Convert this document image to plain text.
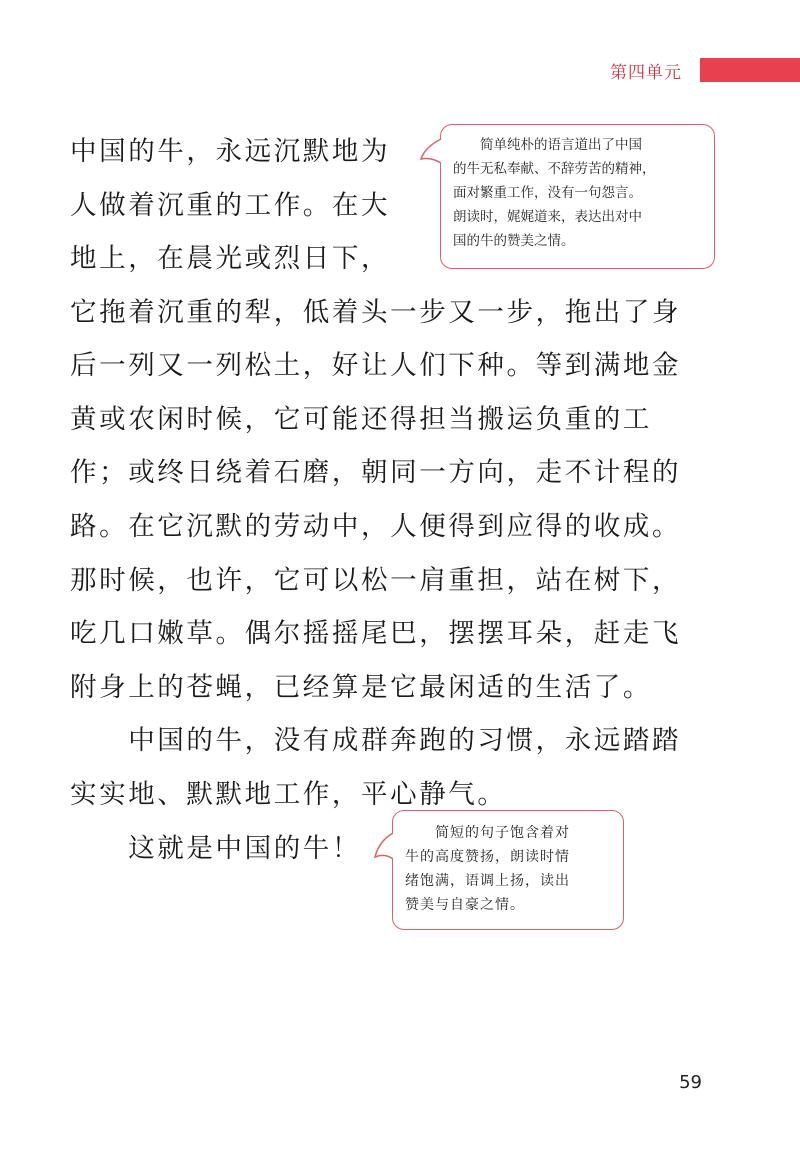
第四单元
中国的牛，永远沉默地为
人做着沉重的工作。在大
地上，在晨光或烈日下，
它拖着沉重的犁，低着头一步又一步，拖出了身
后一列又一列松土，好让人们下种。等到满地金
黄或农闲时候，它可能还得担当搬运负重的工
作；或终日绕着石磨，朝同一方向，走不计程的
路。在它沉默的劳动中，人便得到应得的收成。
那时候，也许，它可以松一肩重担，站在树下，
吃几口嫩草。偶尔摇摇尾巴，摆摆耳朵，赶走飞
附身上的苍蝇，已经算是它最闲适的生活了。
　　中国的牛，没有成群奔跑的习惯，永远踏踏
实实地、默默地工作，平心静气。
　　这就是中国的牛！

　　简单纯朴的语言道出了中国

的牛无私奉献、不辞劳苦的精神，

面对繁重工作，没有一句怨言。

朗读时，娓娓道来，表达出对中

国的牛的赞美之情。

　　简短的句子饱含着对

牛的高度赞扬，朗读时情

绪饱满，语调上扬，读出

赞美与自豪之情。

59
